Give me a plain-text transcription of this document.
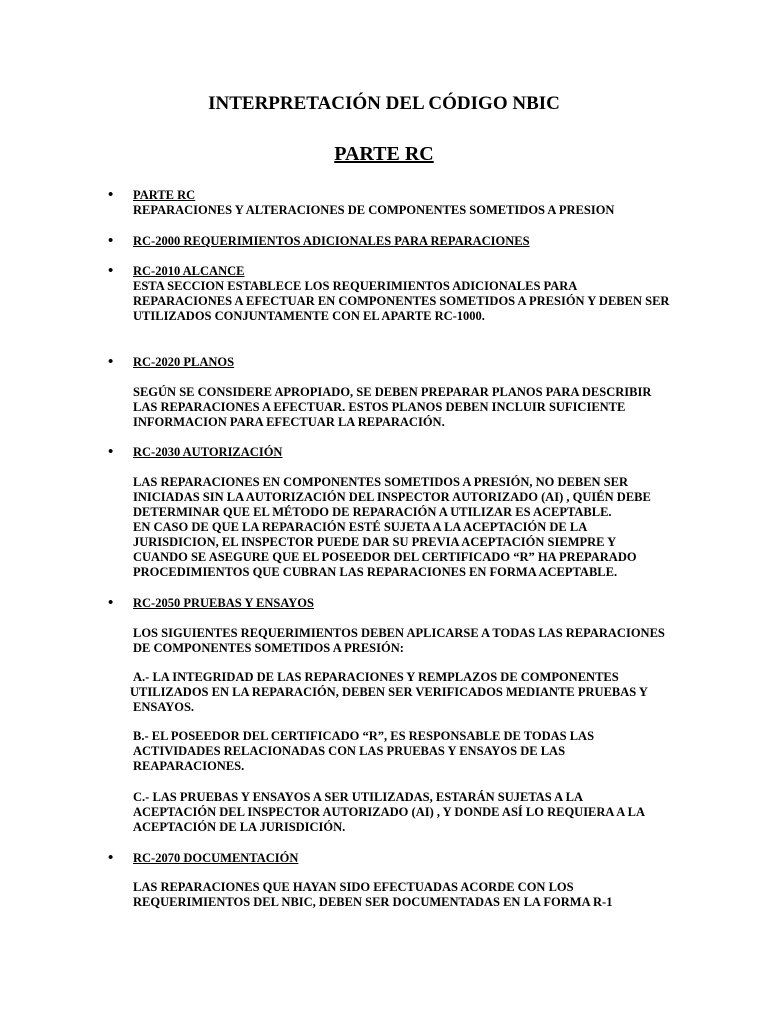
INTERPRETACIÓN DEL CÓDIGO NBIC
PARTE RC
• PARTE RC
REPARACIONES Y ALTERACIONES DE COMPONENTES SOMETIDOS A PRESION
• RC-2000 REQUERIMIENTOS ADICIONALES PARA REPARACIONES
• RC-2010 ALCANCE
ESTA SECCION ESTABLECE LOS REQUERIMIENTOS ADICIONALES PARA
REPARACIONES A EFECTUAR EN COMPONENTES SOMETIDOS A PRESIÓN Y DEBEN SER
UTILIZADOS CONJUNTAMENTE CON EL APARTE RC-1000.
• RC-2020 PLANOS
SEGÚN SE CONSIDERE APROPIADO, SE DEBEN PREPARAR PLANOS PARA DESCRIBIR
LAS REPARACIONES A EFECTUAR. ESTOS PLANOS DEBEN INCLUIR SUFICIENTE
INFORMACION PARA EFECTUAR LA REPARACIÓN.
• RC-2030 AUTORIZACIÓN
LAS REPARACIONES EN COMPONENTES SOMETIDOS A PRESIÓN, NO DEBEN SER
INICIADAS SIN LA AUTORIZACIÓN DEL INSPECTOR AUTORIZADO (AI) , QUIÉN DEBE
DETERMINAR QUE EL MÉTODO DE REPARACIÓN A UTILIZAR ES ACEPTABLE.
EN CASO DE QUE LA REPARACIÓN ESTÉ SUJETA A LA ACEPTACIÓN DE LA
JURISDICION, EL INSPECTOR PUEDE DAR SU PREVIA ACEPTACIÓN SIEMPRE Y
CUANDO SE ASEGURE QUE EL POSEEDOR DEL CERTIFICADO “R” HA PREPARADO
PROCEDIMIENTOS QUE CUBRAN LAS REPARACIONES EN FORMA ACEPTABLE.
• RC-2050 PRUEBAS Y ENSAYOS
LOS SIGUIENTES REQUERIMIENTOS DEBEN APLICARSE A TODAS LAS REPARACIONES
DE COMPONENTES SOMETIDOS A PRESIÓN:
A.- LA INTEGRIDAD DE LAS REPARACIONES Y REMPLAZOS DE COMPONENTES
UTILIZADOS EN LA REPARACIÓN, DEBEN SER VERIFICADOS MEDIANTE PRUEBAS Y
ENSAYOS.
B.- EL POSEEDOR DEL CERTIFICADO “R”, ES RESPONSABLE DE TODAS LAS
ACTIVIDADES RELACIONADAS CON LAS PRUEBAS Y ENSAYOS DE LAS
REAPARACIONES.
C.- LAS PRUEBAS Y ENSAYOS A SER UTILIZADAS, ESTARÁN SUJETAS A LA
ACEPTACIÓN DEL INSPECTOR AUTORIZADO (AI) , Y DONDE ASÍ LO REQUIERA A LA
ACEPTACIÓN DE LA JURISDICIÓN.
• RC-2070 DOCUMENTACIÓN
LAS REPARACIONES QUE HAYAN SIDO EFECTUADAS ACORDE CON LOS
REQUERIMIENTOS DEL NBIC, DEBEN SER DOCUMENTADAS EN LA FORMA R-1
